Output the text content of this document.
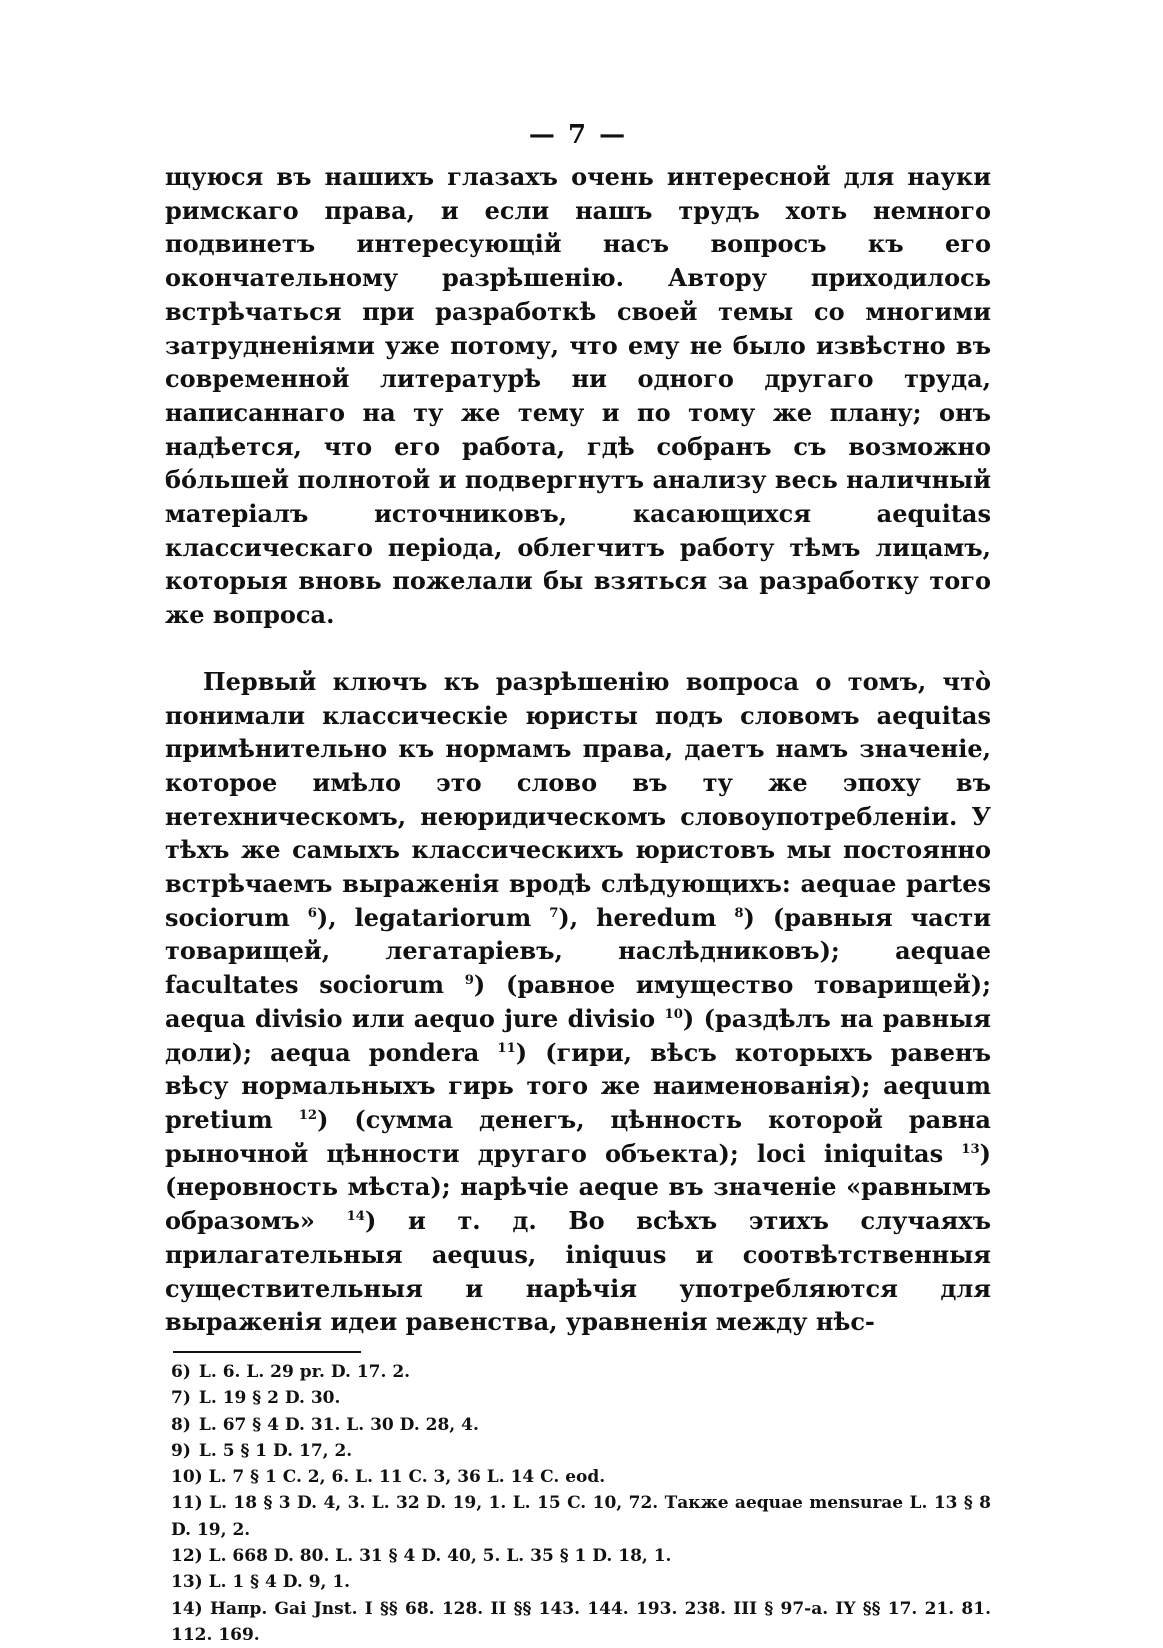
— 7 —

щуюся въ нашихъ глазахъ очень интересной для науки римскаго права, и если нашъ трудъ хоть немного подвинетъ интересующій насъ вопросъ къ его окончательному разрѣшенію. Автору приходилось встрѣчаться при разработкѣ своей темы со многими затрудненіями уже потому, что ему не было извѣстно въ современной литературѣ ни одного другаго труда, написаннаго на ту же тему и по тому же плану; онъ надѣется, что его работа, гдѣ собранъ съ возможно бо́льшей полнотой и подвергнутъ анализу весь наличный матеріалъ источниковъ, касающихся aequitas классическаго періода, облегчитъ работу тѣмъ лицамъ, которыя вновь пожелали бы взяться за разработку того же вопроса.

Первый ключъ къ разрѣшенію вопроса о томъ, что̀ понимали классическіе юристы подъ словомъ aequitas примѣнительно къ нормамъ права, даетъ намъ значеніе, которое имѣло это слово въ ту же эпоху въ нетехническомъ, неюридическомъ словоупотребленіи. У тѣхъ же самыхъ классическихъ юристовъ мы постоянно встрѣчаемъ выраженія вродѣ слѣдующихъ: aequae partes sociorum $^6$), legatariorum $^7$), heredum $^8$) (равныя части товарищей, легатаріевъ, наслѣдниковъ); aequae facultates sociorum $^9$) (равное имущество товарищей); aequa divisio или aequo jure divisio $^{10}$) (раздѣлъ на равныя доли); aequa pondera $^{11}$) (гири, вѣсъ которыхъ равенъ вѣсу нормальныхъ гирь того же наименованія); aequum pretium $^{12}$) (сумма денегъ, цѣнность которой равна рыночной цѣнности другаго объекта); loci iniquitas $^{13}$) (неровность мѣста); нарѣчіе aeque въ значеніе «равнымъ образомъ» $^{14}$) и т. д. Во всѣхъ этихъ случаяхъ прилагательныя aequus, iniquus и соотвѣтственныя существительныя и нарѣчія употребляются для выраженія идеи равенства, уравненія между нѣс-

6) L. 6. L. 29 pr. D. 17. 2.
7) L. 19 § 2 D. 30.
8) L. 67 § 4 D. 31. L. 30 D. 28, 4.
9) L. 5 § 1 D. 17, 2.
10) L. 7 § 1 C. 2, 6. L. 11 C. 3, 36 L. 14 C. eod.
11) L. 18 § 3 D. 4, 3. L. 32 D. 19, 1. L. 15 C. 10, 72. Также aequae mensurae L. 13 § 8 D. 19, 2.
12) L. 668 D. 80. L. 31 § 4 D. 40, 5. L. 35 § 1 D. 18, 1.
13) L. 1 § 4 D. 9, 1.
14) Напр. Gai Jnst. I §§ 68. 128. II §§ 143. 144. 193. 238. III § 97-a. IY §§ 17. 21. 81. 112. 169.
